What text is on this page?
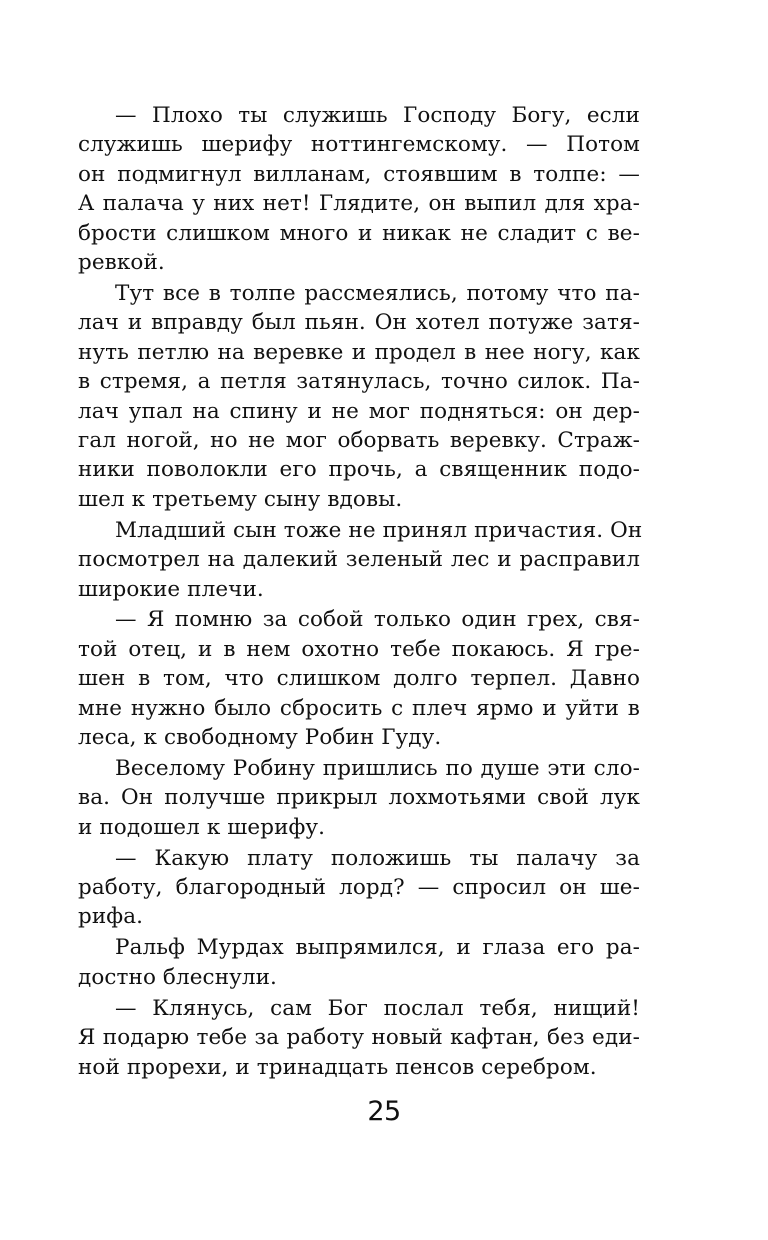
— Плохо ты служишь Господу Богу, если
служишь шерифу ноттингемскому. — Потом
он подмигнул вилланам, стоявшим в толпе: —
А палача у них нет! Глядите, он выпил для хра-
брости слишком много и никак не сладит с ве-
ревкой.
Тут все в толпе рассмеялись, потому что па-
лач и вправду был пьян. Он хотел потуже затя-
нуть петлю на веревке и продел в нее ногу, как
в стремя, а петля затянулась, точно силок. Па-
лач упал на спину и не мог подняться: он дер-
гал ногой, но не мог оборвать веревку. Страж-
ники поволокли его прочь, а священник подо-
шел к третьему сыну вдовы.
Младший сын тоже не принял причастия. Он
посмотрел на далекий зеленый лес и расправил
широкие плечи.
— Я помню за собой только один грех, свя-
той отец, и в нем охотно тебе покаюсь. Я гре-
шен в том, что слишком долго терпел. Давно
мне нужно было сбросить с плеч ярмо и уйти в
леса, к свободному Робин Гуду.
Веселому Робину пришлись по душе эти сло-
ва. Он получше прикрыл лохмотьями свой лук
и подошел к шерифу.
— Какую плату положишь ты палачу за
работу, благородный лорд? — спросил он ше-
рифа.
Ральф Мурдах выпрямился, и глаза его ра-
достно блеснули.
— Клянусь, сам Бог послал тебя, нищий!
Я подарю тебе за работу новый кафтан, без еди-
ной прорехи, и тринадцать пенсов серебром.
25
